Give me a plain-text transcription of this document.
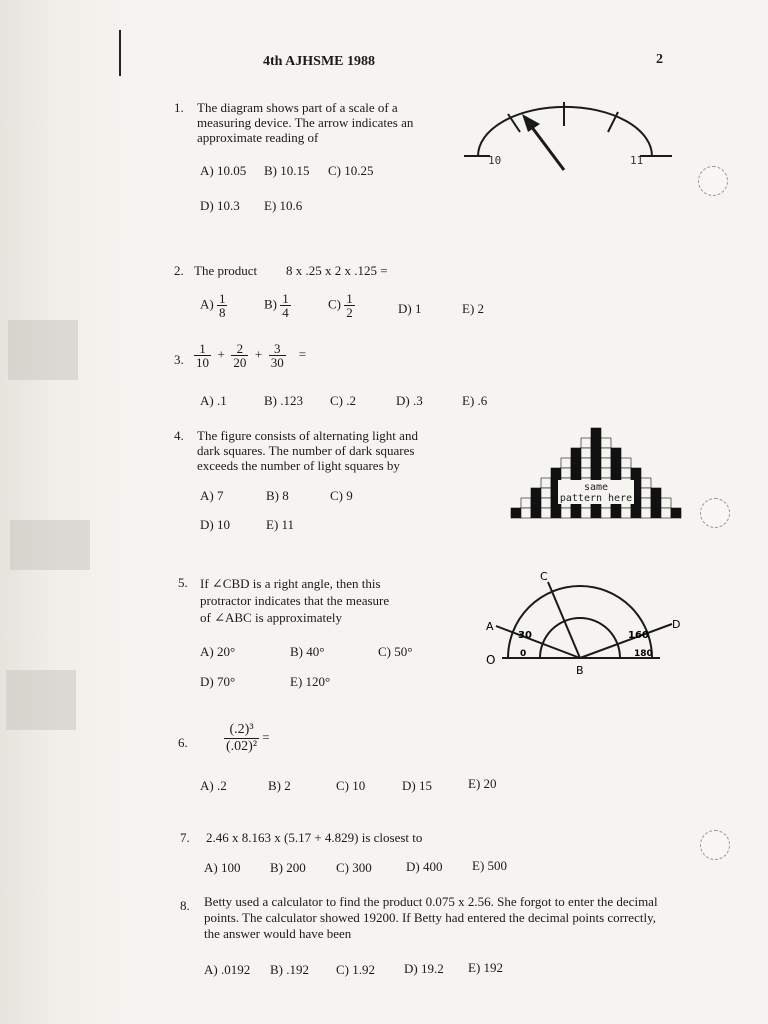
4th AJHSME 1988	2
1. The diagram shows part of a scale of a
measuring device. The arrow indicates an
approximate reading of
A) 10.05 B) 10.15 C) 10.25
D) 10.3 E) 10.6
10	11
2. The product 8 x .25 x 2 x .125 =
$A) \frac{1}{8}$	$B) \frac{1}{4}$	$C) \frac{1}{2}$	D) 1	E) 2
3. $\frac{1}{10} + \frac{2}{20} + \frac{3}{30}$ =
A) .1	B) .123 C) .2	D) .3	E) .6
4. The figure consists of alternating light and
dark squares. The number of dark squares
exceeds the number of light squares by
A) 7	B) 8	C) 9
D) 10	E) 11
same
pattern here
5. If ∠CBD is a right angle, then this
protractor indicates that the measure
of ∠ABC is approximately
A) 20°	B) 40°	C) 50°
D) 70°	E) 120°
C
A	D
O
B
30
0
160
180
6.	$\frac{\text{(.2)³}}{\text{(.02)²}}$ =
A) .2	B) 2	C) 10	D) 15	E) 20
7. 2.46 x 8.163 x (5.17 + 4.829) is closest to
A) 100 B) 200 C) 300	D) 400 E) 500
8. Betty used a calculator to find the product 0.075 x 2.56. She forgot to enter the decimal
points. The calculator showed 19200. If Betty had entered the decimal points correctly,
the answer would have been
A) .0192 B) .192 C) 1.92 D) 19.2 E) 192
